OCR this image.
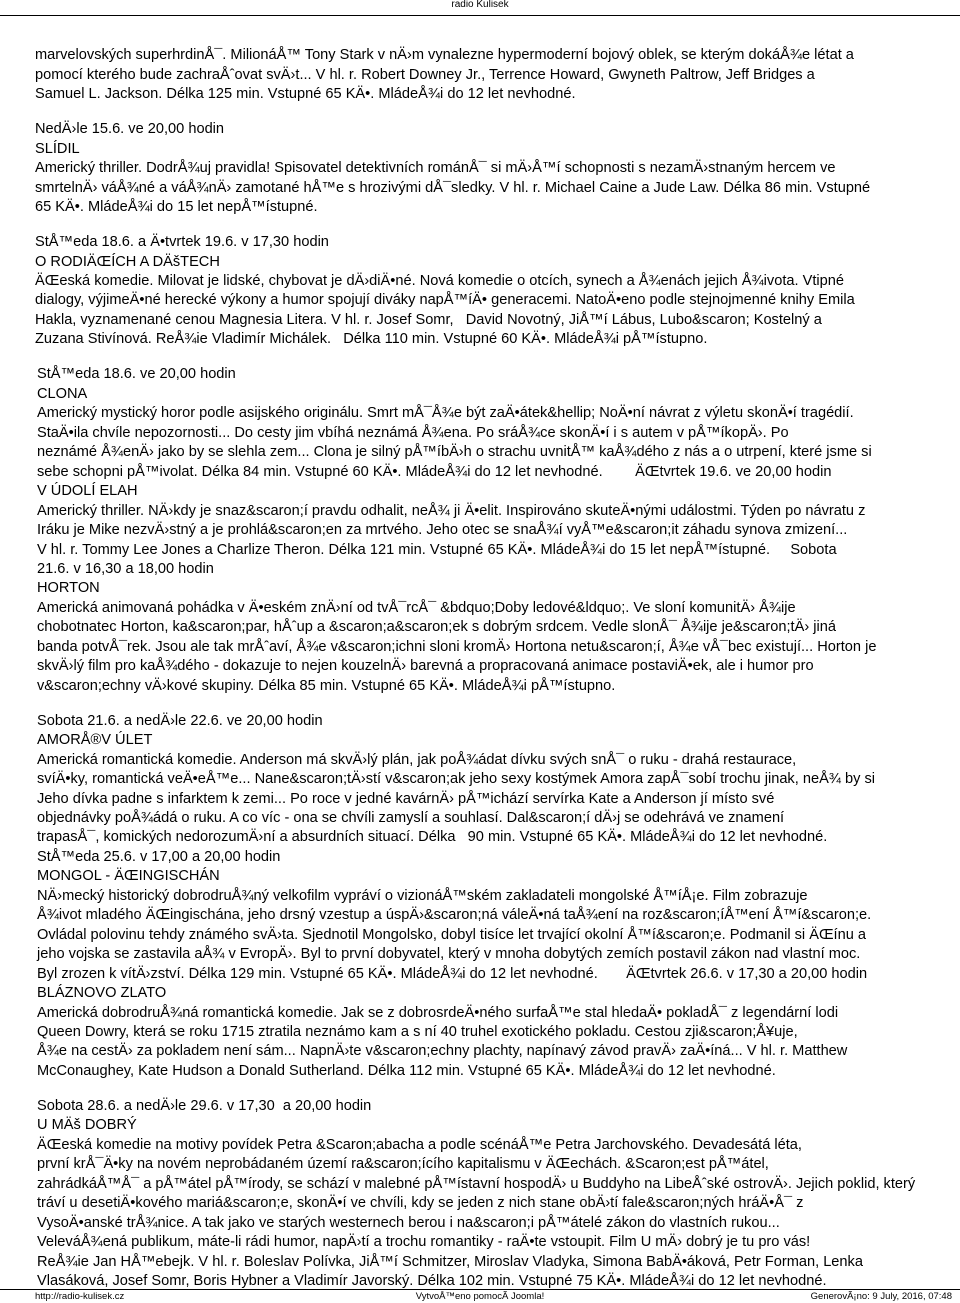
radio Kulisek
marvelovských superhrdinÅ¯. MilionáÅ™ Tony Stark v nÄ›m vynalezne hypermoderní bojový oblek, se kterým dokáÅ¾e létat a
pomocí kterého bude zachraÅˆovat svÄ›t... V hl. r. Robert Downey Jr., Terrence Howard, Gwyneth Paltrow, Jeff Bridges a
Samuel L. Jackson. Délka 125 min. Vstupné 65 KÄ•. MládeÅ¾i do 12 let nevhodné.
NedÄ›le 15.6. ve 20,00 hodin
SLÍDIL
Americký thriller. DodrÅ¾uj pravidla! Spisovatel detektivních románÅ¯ si mÄ›Å™í schopnosti s nezamÄ›stnaným hercem ve
smrtelnÄ› váÅ¾né a váÅ¾nÄ› zamotané hÅ™e s hrozivými dÅ¯sledky. V hl. r. Michael Caine a Jude Law. Délka 86 min. Vstupné
65 KÄ•. MládeÅ¾i do 15 let nepÅ™ístupné.
StÅ™eda 18.6. a Ä•tvrtek 19.6. v 17,30 hodin
O RODIÄŒÍCH A DÄšTECH
ÄŒeská komedie. Milovat je lidské, chybovat je dÄ›diÄ•né. Nová komedie o otcích, synech a Å¾enách jejich Å¾ivota. Vtipné
dialogy, výjimeÄ•né herecké výkony a humor spojují diváky napÅ™íÄ• generacemi. NatoÄ•eno podle stejnojmenné knihy Emila
Hakla, vyznamenané cenou Magnesia Litera. V hl. r. Josef Somr,   David Novotný, JiÅ™í Lábus, Lubo&scaron; Kostelný a
Zuzana Stivínová. ReÅ¾ie Vladimír Michálek.   Délka 110 min. Vstupné 60 KÄ•. MládeÅ¾i pÅ™ístupno.
StÅ™eda 18.6. ve 20,00 hodin
CLONA
Americký mystický horor podle asijského originálu. Smrt mÅ¯Å¾e být zaÄ•átek&hellip; NoÄ•ní návrat z výletu skonÄ•í tragédií.
StaÄ•ila chvíle nepozornosti... Do cesty jim vbíhá neznámá Å¾ena. Po sráÅ¾ce skonÄ•í i s autem v pÅ™íkopÄ›. Po
neznámé Å¾enÄ› jako by se slehla zem... Clona je silný pÅ™íbÄ›h o strachu uvnitÅ™ kaÅ¾dého z nás a o utrpení, které jsme si
sebe schopni pÅ™ivolat. Délka 84 min. Vstupné 60 KÄ•. MládeÅ¾i do 12 let nevhodné.        ÄŒtvrtek 19.6. ve 20,00 hodin
V ÚDOLÍ ELAH
Americký thriller. NÄ›kdy je snaz&scaron;í pravdu odhalit, neÅ¾ ji Ä•elit. Inspirováno skuteÄ•nými událostmi. Týden po návratu z
Iráku je Mike nezvÄ›stný a je prohlá&scaron;en za mrtvého. Jeho otec se snaÅ¾í vyÅ™e&scaron;it záhadu synova zmizení...
V hl. r. Tommy Lee Jones a Charlize Theron. Délka 121 min. Vstupné 65 KÄ•. MládeÅ¾i do 15 let nepÅ™ístupné.     Sobota
21.6. v 16,30 a 18,00 hodin
HORTON
Americká animovaná pohádka v Ä•eském znÄ›ní od tvÅ¯rcÅ¯ &bdquo;Doby ledové&ldquo;. Ve sloní komunitÄ› Å¾ije
chobotnatec Horton, ka&scaron;par, hÅˆup a &scaron;a&scaron;ek s dobrým srdcem. Vedle slonÅ¯ Å¾ije je&scaron;tÄ› jiná
banda potvÅ¯rek. Jsou ale tak mrÅˆaví, Å¾e v&scaron;ichni sloni kromÄ› Hortona netu&scaron;í, Å¾e vÅ¯bec existují... Horton je
skvÄ›lý film pro kaÅ¾dého - dokazuje to nejen kouzelnÄ› barevná a propracovaná animace postaviÄ•ek, ale i humor pro
v&scaron;echny vÄ›kové skupiny. Délka 85 min. Vstupné 65 KÄ•. MládeÅ¾i pÅ™ístupno.
Sobota 21.6. a nedÄ›le 22.6. ve 20,00 hodin
AMORÅ®V ÚLET
Americká romantická komedie. Anderson má skvÄ›lý plán, jak poÅ¾ádat dívku svých snÅ¯ o ruku - drahá restaurace,
svíÄ•ky, romantická veÄ•eÅ™e... Nane&scaron;tÄ›stí v&scaron;ak jeho sexy kostýmek Amora zapÅ¯sobí trochu jinak, neÅ¾ by si
Jeho dívka padne s infarktem k zemi... Po roce v jedné kavárnÄ› pÅ™ichází servírka Kate a Anderson jí místo své
objednávky poÅ¾ádá o ruku. A co víc - ona se chvíli zamyslí a souhlasí. Dal&scaron;í dÄ›j se odehrává ve znamení
trapasÅ¯, komických nedorozumÄ›ní a absurdních situací. Délka   90 min. Vstupné 65 KÄ•. MládeÅ¾i do 12 let nevhodné.
StÅ™eda 25.6. v 17,00 a 20,00 hodin
MONGOL - ÄŒINGISCHÁN
NÄ›mecký historický dobrodruÅ¾ný velkofilm vypráví o vizionáÅ™ském zakladateli mongolské Å™íÅ¡e. Film zobrazuje
Å¾ivot mladého ÄŒingischána, jeho drsný vzestup a úspÄ›&scaron;ná váleÄ•ná taÅ¾ení na roz&scaron;íÅ™ení Å™í&scaron;e.
Ovládal polovinu tehdy známého svÄ›ta. Sjednotil Mongolsko, dobyl tisíce let trvající okolní Å™í&scaron;e. Podmanil si ÄŒínu a
jeho vojska se zastavila aÅ¾ v EvropÄ›. Byl to první dobyvatel, který v mnoha dobytých zemích postavil zákon nad vlastní moc.
Byl zrozen k vítÄ›zství. Délka 129 min. Vstupné 65 KÄ•. MládeÅ¾i do 12 let nevhodné.       ÄŒtvrtek 26.6. v 17,30 a 20,00 hodin
BLÁZNOVO ZLATO
Americká dobrodruÅ¾ná romantická komedie. Jak se z dobrosrdeÄ•ného surfaÅ™e stal hledaÄ• pokladÅ¯ z legendární lodi
Queen Dowry, která se roku 1715 ztratila neznámo kam a s ní 40 truhel exotického pokladu. Cestou zji&scaron;Å¥uje,
Å¾e na cestÄ› za pokladem není sám... NapnÄ›te v&scaron;echny plachty, napínavý závod pravÄ› zaÄ•íná... V hl. r. Matthew
McConaughey, Kate Hudson a Donald Sutherland. Délka 112 min. Vstupné 65 KÄ•. MládeÅ¾i do 12 let nevhodné.
Sobota 28.6. a nedÄ›le 29.6. v 17,30  a 20,00 hodin
U MÄš DOBRÝ
ÄŒeská komedie na motivy povídek Petra &Scaron;abacha a podle scénáÅ™e Petra Jarchovského. Devadesátá léta,
první krÅ¯Ä•ky na novém neprobádaném území ra&scaron;ícího kapitalismu v ÄŒechách. &Scaron;est pÅ™átel,
zahrádkáÅ™Å¯ a pÅ™átel pÅ™írody, se schází v malebné pÅ™ístavní hospodÄ› u Buddyho na LibeÅˆské ostrovÄ›. Jejich poklid, který
tráví u desetiÄ•kového mariá&scaron;e, skonÄ•í ve chvíli, kdy se jeden z nich stane obÄ›tí fale&scaron;ných hráÄ•Å¯ z
VysoÄ•anské trÅ¾nice. A tak jako ve starých westernech berou i na&scaron;i pÅ™átelé zákon do vlastních rukou...
VeleváÅ¾ená publikum, máte-li rádi humor, napÄ›tí a trochu romantiky - raÄ•te vstoupit. Film U mÄ› dobrý je tu pro vás!
ReÅ¾ie Jan HÅ™ebejk. V hl. r. Boleslav Polívka, JiÅ™í Schmitzer, Miroslav Vladyka, Simona BabÄ•áková, Petr Forman, Lenka
Vlasáková, Josef Somr, Boris Hybner a Vladimír Javorský. Délka 102 min. Vstupné 75 KÄ•. MládeÅ¾i do 12 let nevhodné.
http://radio-kulisek.cz	VytvoÅ™eno pomocÃ Joomla!	GenerovÃ¡no: 9 July, 2016, 07:48
